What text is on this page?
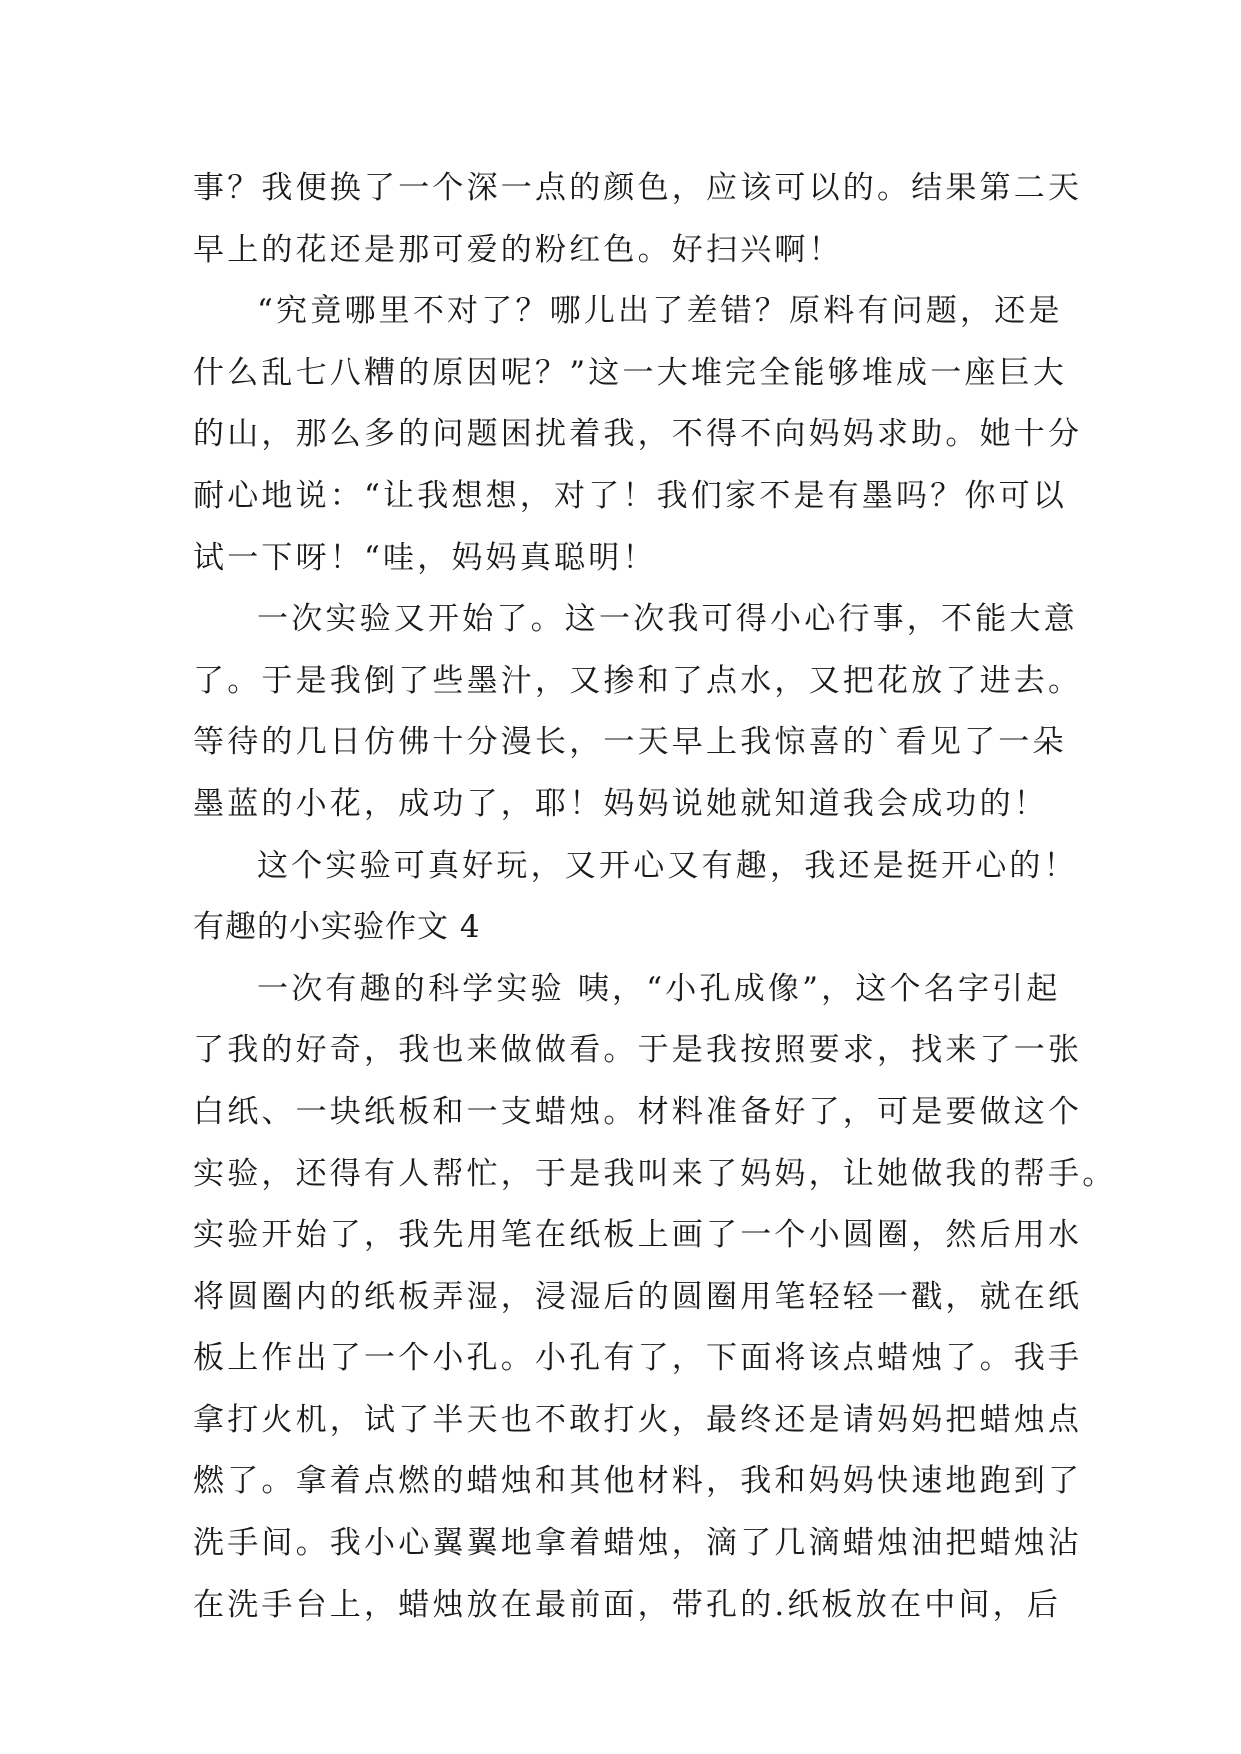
事？我便换了一个深一点的颜色，应该可以的。结果第二天
早上的花还是那可爱的粉红色。好扫兴啊！
“究竟哪里不对了？哪儿出了差错？原料有问题，还是
什么乱七八糟的原因呢？”这一大堆完全能够堆成一座巨大
的山，那么多的问题困扰着我，不得不向妈妈求助。她十分
耐心地说：“让我想想，对了！我们家不是有墨吗？你可以
试一下呀！“哇，妈妈真聪明！
一次实验又开始了。这一次我可得小心行事，不能大意
了。于是我倒了些墨汁，又掺和了点水，又把花放了进去。
等待的几日仿佛十分漫长，一天早上我惊喜的`看见了一朵
墨蓝的小花，成功了，耶！妈妈说她就知道我会成功的！
这个实验可真好玩，又开心又有趣，我还是挺开心的！
有趣的小实验作文 4
一次有趣的科学实验 咦，“小孔成像”，这个名字引起
了我的好奇，我也来做做看。于是我按照要求，找来了一张
白纸、一块纸板和一支蜡烛。材料准备好了，可是要做这个
实验，还得有人帮忙，于是我叫来了妈妈，让她做我的帮手。
实验开始了，我先用笔在纸板上画了一个小圆圈，然后用水
将圆圈内的纸板弄湿，浸湿后的圆圈用笔轻轻一戳，就在纸
板上作出了一个小孔。小孔有了，下面将该点蜡烛了。我手
拿打火机，试了半天也不敢打火，最终还是请妈妈把蜡烛点
燃了。拿着点燃的蜡烛和其他材料，我和妈妈快速地跑到了
洗手间。我小心翼翼地拿着蜡烛，滴了几滴蜡烛油把蜡烛沾
在洗手台上，蜡烛放在最前面，带孔的.纸板放在中间，后
